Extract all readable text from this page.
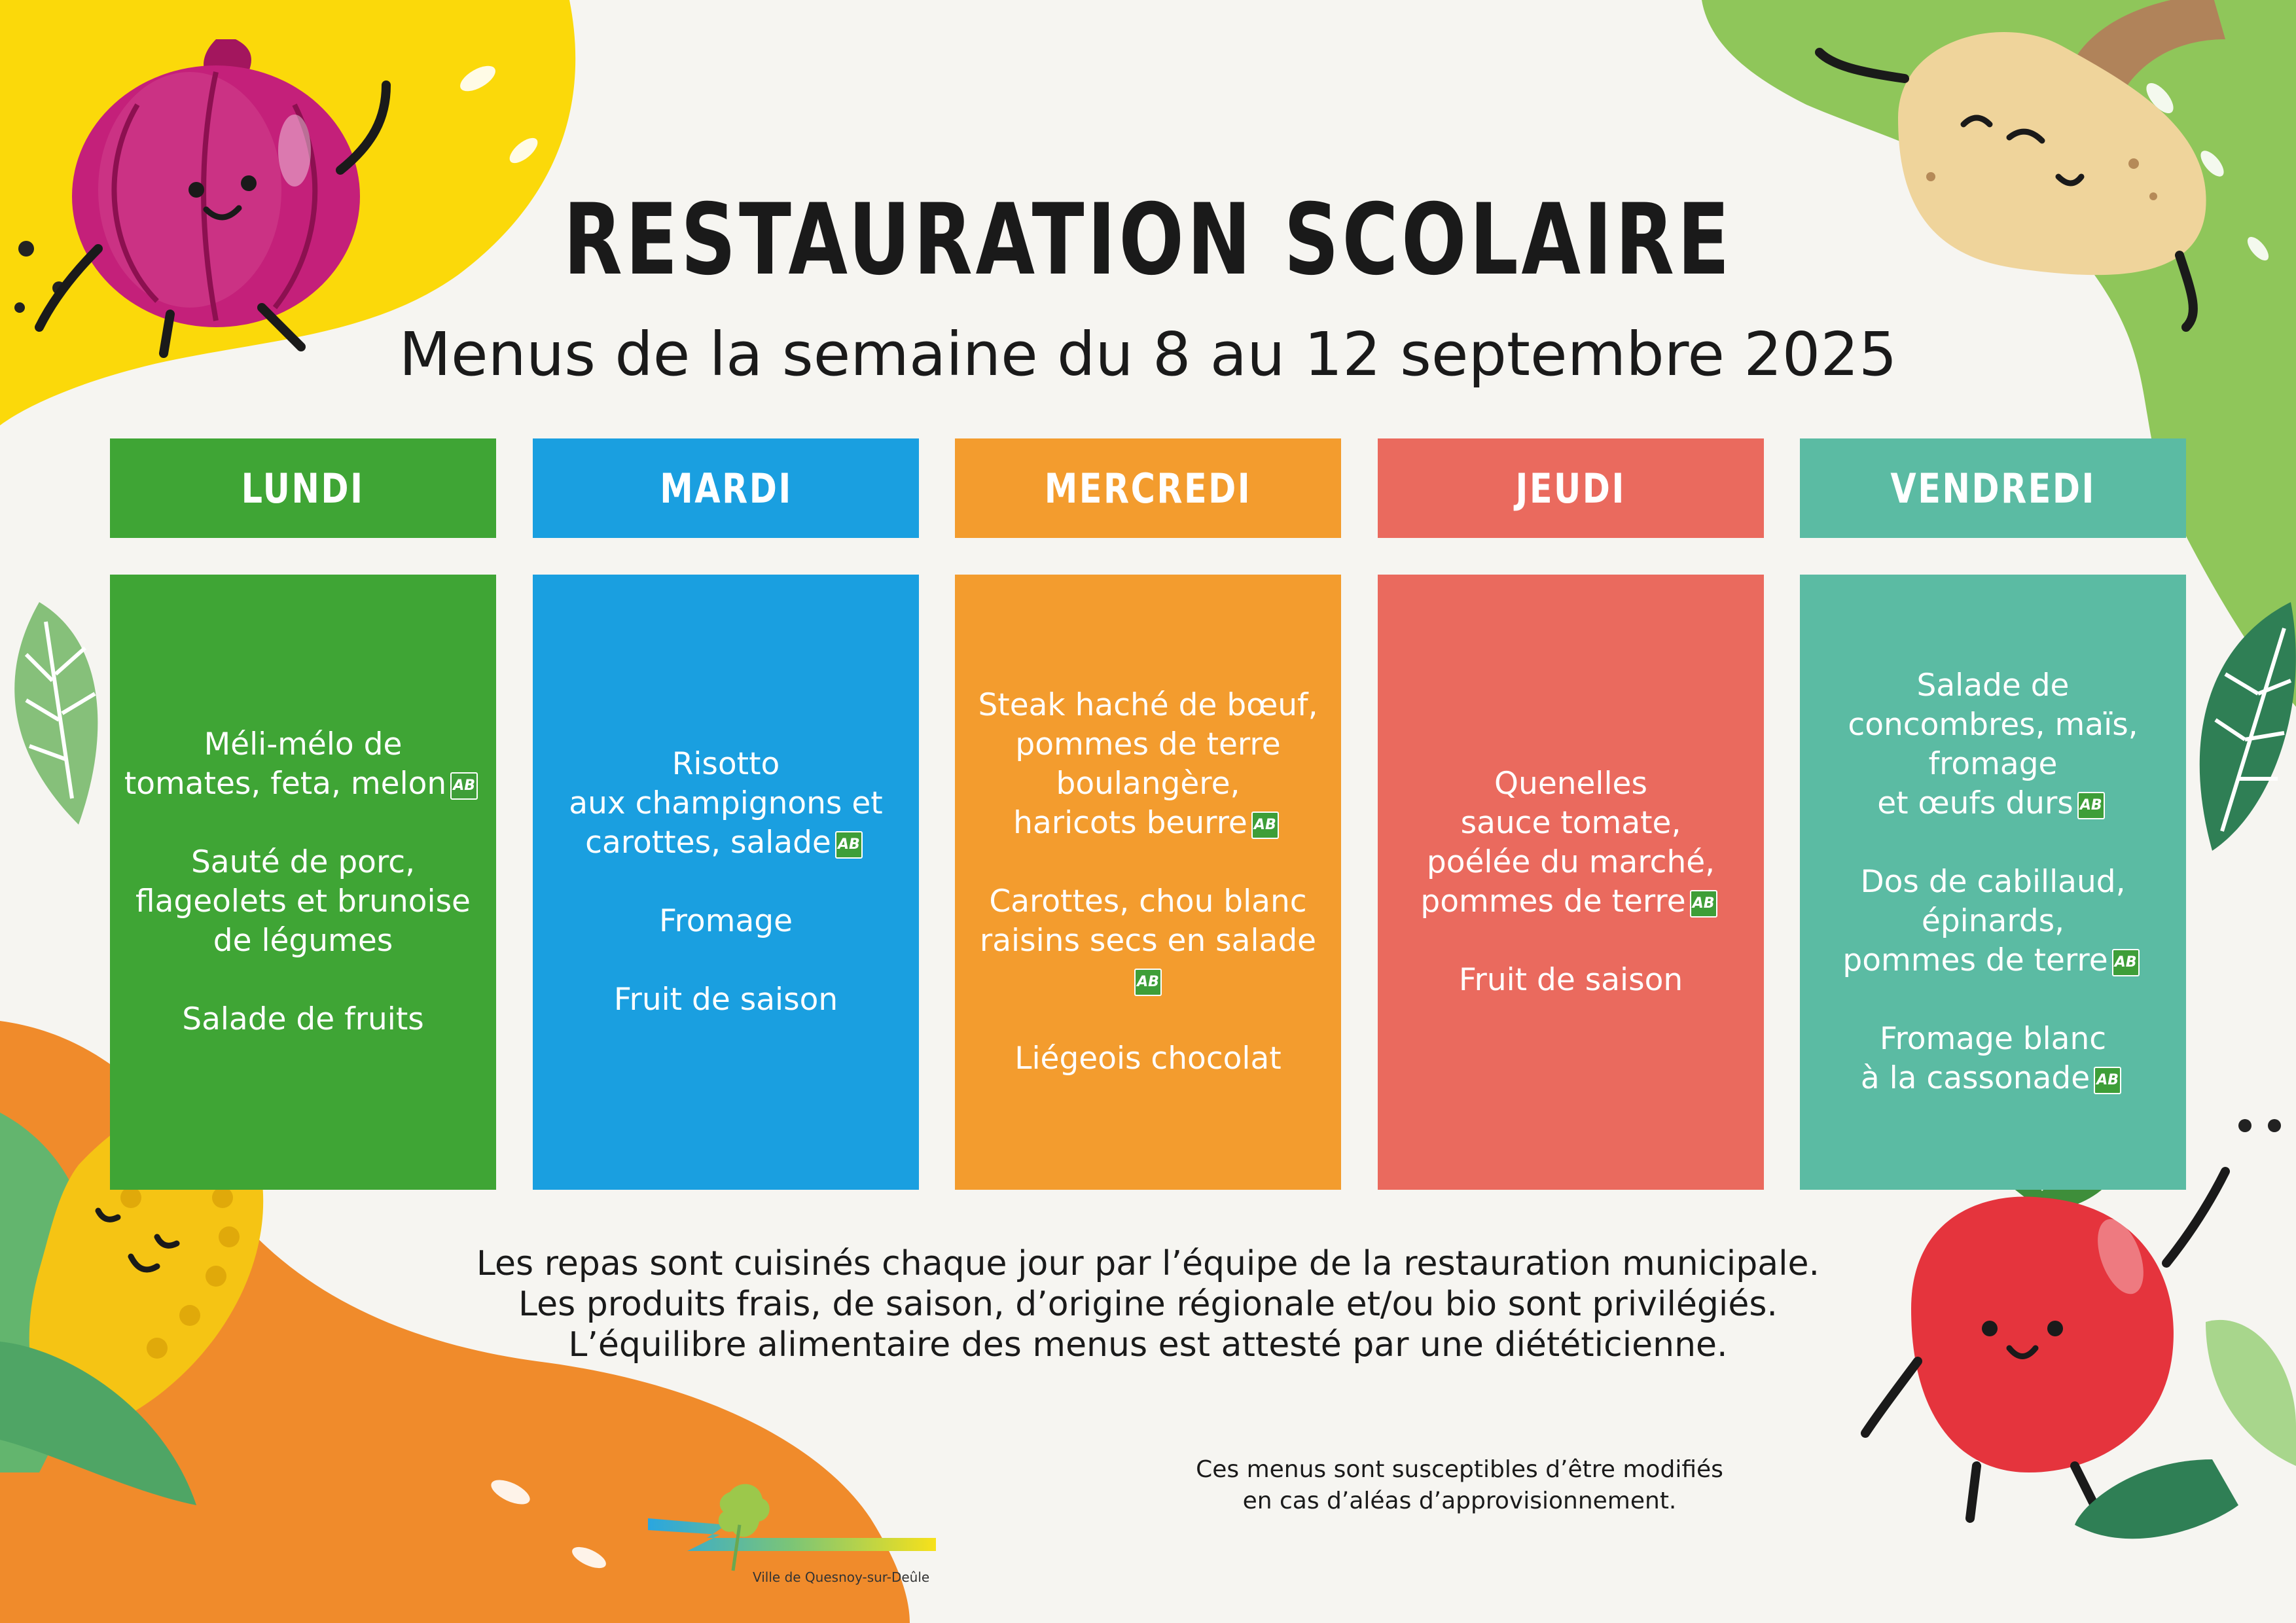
RESTAURATION SCOLAIRE
Menus de la semaine du 8 au 12 septembre 2025
LUNDI
Méli-mélo de
tomates, feta, melon AB
Sauté de porc,
flageolets et brunoise
de légumes
Salade de fruits
MARDI
Risotto
aux champignons et
carottes, salade AB
Fromage
Fruit de saison
MERCREDI
Steak haché de bœuf,
pommes de terre
boulangère,
haricots beurre AB
Carottes, chou blanc
raisins secs en saladeAB
Liégeois chocolat
JEUDI
Quenelles
sauce tomate,
poélée du marché,
pommes de terre AB
Fruit de saison
VENDREDI
Salade de
concombres, maïs,
fromage
et œufs durs AB
Dos de cabillaud,
épinards,
pommes de terre AB
Fromage blanc
à la cassonade AB
Les repas sont cuisinés chaque jour par l’équipe de la restauration municipale.
Les produits frais, de saison, d’origine régionale et/ou bio sont privilégiés.
L’équilibre alimentaire des menus est attesté par une diététicienne.
Ces menus sont susceptibles d’être modifiés
en cas d’aléas d’approvisionnement.
Ville de Quesnoy-sur-Deûle
